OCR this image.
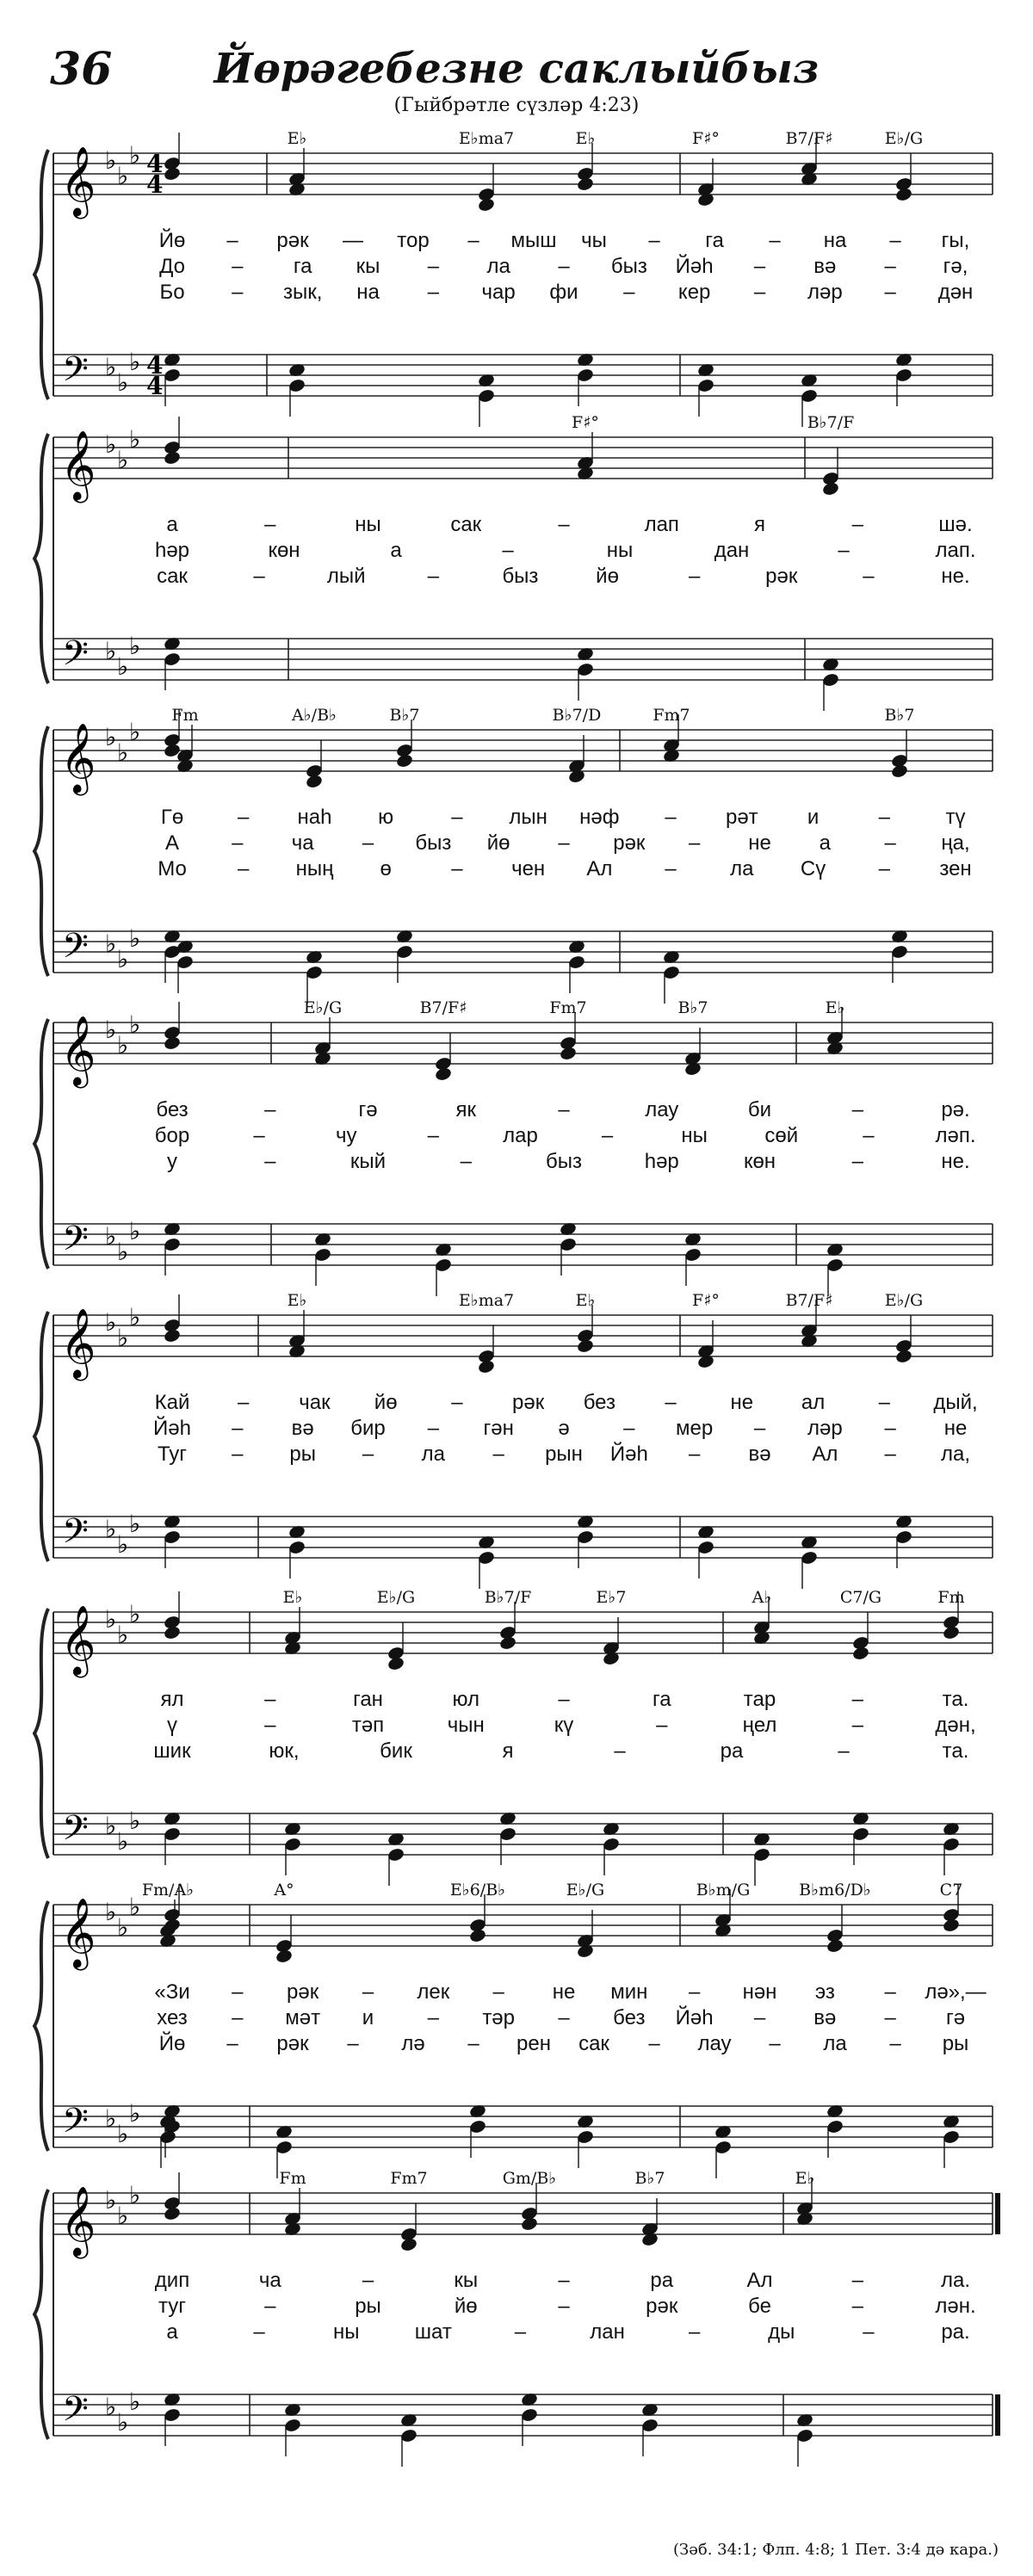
𝄞
𝄢
♭
♭
♭
♭
♭
♭
4
4
4
4
𝄞
𝄢
♭
♭
♭
♭
♭
♭
𝄞
𝄢
♭
♭
♭
♭
♭
♭
𝄞
𝄢
♭
♭
♭
♭
♭
♭
𝄞
𝄢
♭
♭
♭
♭
♭
♭
𝄞
𝄢
♭
♭
♭
♭
♭
♭
𝄞
𝄢
♭
♭
♭
♭
♭
♭
𝄞
𝄢
♭
♭
♭
♭
♭
♭
36	Йөрәгебезне саклыйбыз
(Гыйбрәтле сүзләр 4:23)
(Зәб. 34:1; Флп. 4:8; 1 Пет. 3:4 дә кара.)
E♭	E♭ma7	E♭	F♯°	B7/F♯	E♭/G
Йө – рәк — тор – мыш чы – га – на – гы,
До – га кы – ла – быз Йәһ – вә – гә,
Бо – зык, на – чар фи – кер – ләр – дән
F♯°	B♭7/F
а	–	ны	сак	–	лап	я	–	шә.
һәр	көн	а	–	ны	дан	–	лап.
сак	–	лый	–	быз	йө	–	рәк	–	не.
Fm	A♭/B♭	B♭7	B♭7/D	Fm7	B♭7
Гө	– наһ ю	– лын нәф – рәт и	–	тү
А	– ча – быз йө – рәк – не а	– ңа,
Мо – ның ө	– чен Ал	–	ла Сү	– зен
E♭/G	B7/F♯	Fm7	B♭7	E♭
без	–	гә	як	–	лау	би	–	рә.
бор	–	чу	–	лар	–	ны	сөй	–	ләп.
у	–	кый	–	быз	һәр	көн	–	не.
E♭	E♭ma7	E♭	F♯°	B7/F♯	E♭/G
Кай – чак йө	– рәк без –	не ал	– дый,
Йәһ – вә бир – гән ә	– мер – ләр – не
Туг – ры – ла – рын Йәһ – вә Ал – ла,
E♭	E♭/G	B♭7/F	E♭7	A♭	C7/G	Fm
ял	–	ган	юл	–	га	тар	–	та.
ү	–	тәп	чын	кү	–	ңел	–	дән,
шик	юк,	бик	я	–	ра	–	та.
Fm/A♭	A°	E♭6/B♭	E♭/G	B♭m/G	B♭m6/D♭	C7
«Зи – рәк – лек – не мин – нән эз – лә»,—
хез – мәт и	– тәр – без Йәһ – вә – гә
Йө – рәк – лә – рен сак – лау – ла – ры
Fm	Fm7	Gm/B♭	B♭7	E♭
дип	ча	–	кы	–	ра	Ал	–	ла.
туг	–	ры	йө	–	рәк	бе	–	лән.
а	–	ны	шат	–	лан	–	ды	–	ра.
